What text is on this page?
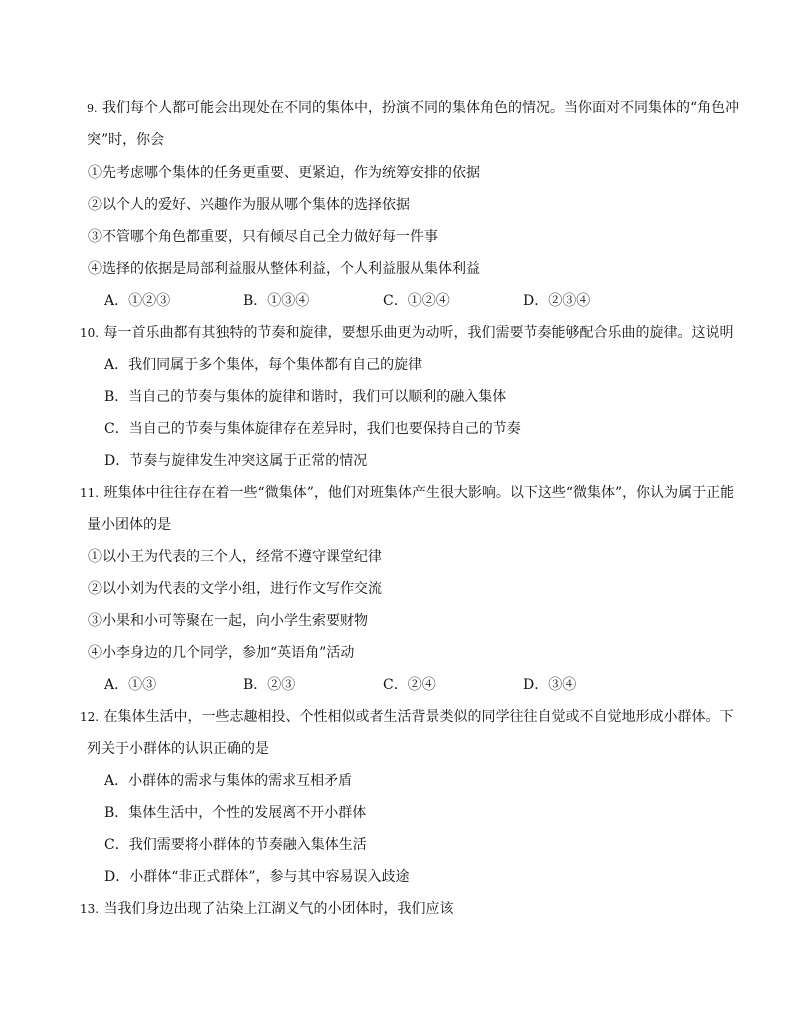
9. 我们每个人都可能会出现处在不同的集体中，扮演不同的集体角色的情况。当你面对不同集体的“角色冲
突”时，你会
①先考虑哪个集体的任务更重要、更紧迫，作为统筹安排的依据
②以个人的爱好、兴趣作为服从哪个集体的选择依据
③不管哪个角色都重要，只有倾尽自己全力做好每一件事
④选择的依据是局部利益服从整体利益，个人利益服从集体利益
A．①②③	B．①③④	C．①②④	D．②③④
10. 每一首乐曲都有其独特的节奏和旋律，要想乐曲更为动听，我们需要节奏能够配合乐曲的旋律。这说明
A．我们同属于多个集体，每个集体都有自己的旋律
B．当自己的节奏与集体的旋律和谐时，我们可以顺利的融入集体
C．当自己的节奏与集体旋律存在差异时，我们也要保持自己的节奏
D．节奏与旋律发生冲突这属于正常的情况
11. 班集体中往往存在着一些“微集体”，他们对班集体产生很大影响。以下这些“微集体”，你认为属于正能
量小团体的是
①以小王为代表的三个人，经常不遵守课堂纪律
②以小刘为代表的文学小组，进行作文写作交流
③小果和小可等聚在一起，向小学生索要财物
④小李身边的几个同学，参加“英语角”活动
A．①③	B．②③	C．②④	D．③④
12. 在集体生活中，一些志趣相投、个性相似或者生活背景类似的同学往往自觉或不自觉地形成小群体。下
列关于小群体的认识正确的是
A．小群体的需求与集体的需求互相矛盾
B．集体生活中，个性的发展离不开小群体
C．我们需要将小群体的节奏融入集体生活
D．小群体“非正式群体”，参与其中容易误入歧途
13. 当我们身边出现了沾染上江湖义气的小团体时，我们应该
